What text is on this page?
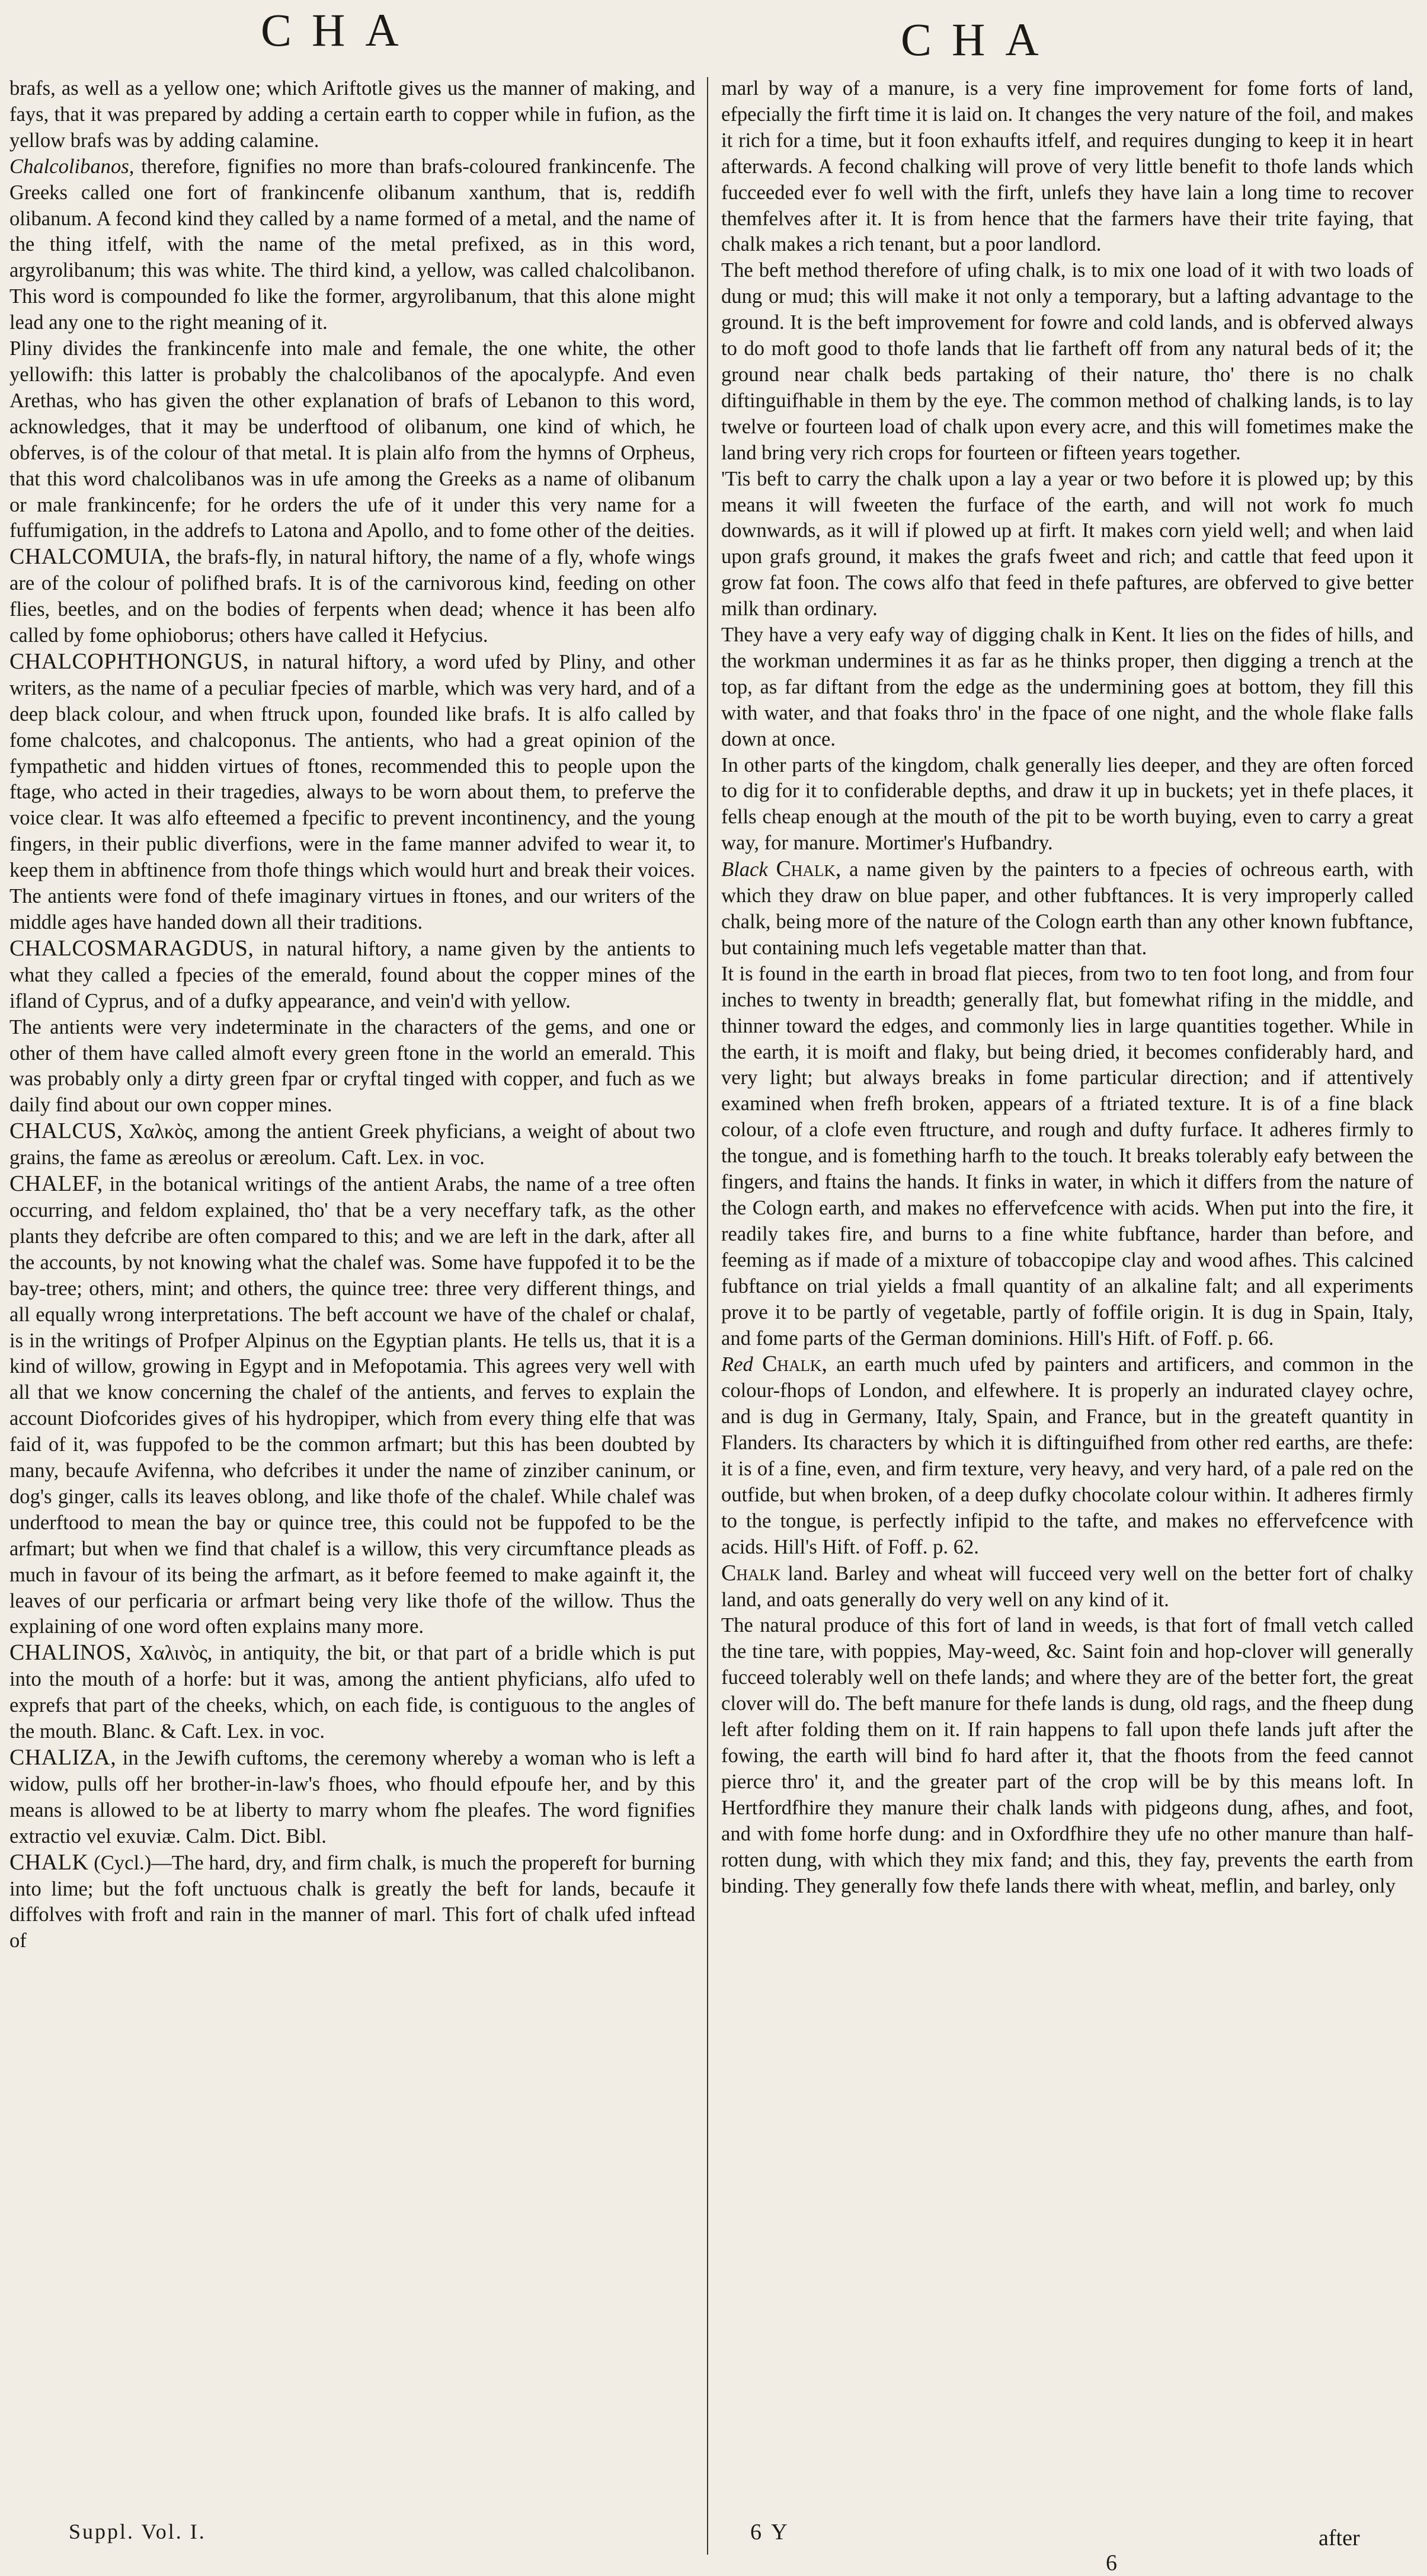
CHA	CHA

brafs, as well as a yellow one; which Ariftotle gives us the manner of making, and fays, that it was prepared by adding a certain earth to copper while in fufion, as the yellow brafs was by adding calamine.

Chalcolibanos, therefore, fignifies no more than brafs-coloured frankincenfe. The Greeks called one fort of frankincenfe olibanum xanthum, that is, reddifh olibanum. A fecond kind they called by a name formed of a metal, and the name of the thing itfelf, with the name of the metal prefixed, as in this word, argyrolibanum; this was white. The third kind, a yellow, was called chalcolibanon. This word is compounded fo like the former, argyrolibanum, that this alone might lead any one to the right meaning of it.

Pliny divides the frankincenfe into male and female, the one white, the other yellowifh: this latter is probably the chalcolibanos of the apocalypfe. And even Arethas, who has given the other explanation of brafs of Lebanon to this word, acknowledges, that it may be underftood of olibanum, one kind of which, he obferves, is of the colour of that metal. It is plain alfo from the hymns of Orpheus, that this word chalcolibanos was in ufe among the Greeks as a name of olibanum or male frankincenfe; for he orders the ufe of it under this very name for a fuffumigation, in the addrefs to Latona and Apollo, and to fome other of the deities.

CHALCOMUIA, the brafs-fly, in natural hiftory, the name of a fly, whofe wings are of the colour of polifhed brafs. It is of the carnivorous kind, feeding on other flies, beetles, and on the bodies of ferpents when dead; whence it has been alfo called by fome ophioborus; others have called it Hefycius.

CHALCOPHTHONGUS, in natural hiftory, a word ufed by Pliny, and other writers, as the name of a peculiar fpecies of marble, which was very hard, and of a deep black colour, and when ftruck upon, founded like brafs. It is alfo called by fome chalcotes, and chalcoponus. The antients, who had a great opinion of the fympathetic and hidden virtues of ftones, recommended this to people upon the ftage, who acted in their tragedies, always to be worn about them, to preferve the voice clear. It was alfo efteemed a fpecific to prevent incontinency, and the young fingers, in their public diverfions, were in the fame manner advifed to wear it, to keep them in abftinence from thofe things which would hurt and break their voices. The antients were fond of thefe imaginary virtues in ftones, and our writers of the middle ages have handed down all their traditions.

CHALCOSMARAGDUS, in natural hiftory, a name given by the antients to what they called a fpecies of the emerald, found about the copper mines of the ifland of Cyprus, and of a dufky appearance, and vein'd with yellow.

The antients were very indeterminate in the characters of the gems, and one or other of them have called almoft every green ftone in the world an emerald. This was probably only a dirty green fpar or cryftal tinged with copper, and fuch as we daily find about our own copper mines.

CHALCUS, Χαλκὸς, among the antient Greek phyficians, a weight of about two grains, the fame as æreolus or æreolum. Caft. Lex. in voc.

CHALEF, in the botanical writings of the antient Arabs, the name of a tree often occurring, and feldom explained, tho' that be a very neceffary tafk, as the other plants they defcribe are often compared to this; and we are left in the dark, after all the accounts, by not knowing what the chalef was. Some have fuppofed it to be the bay-tree; others, mint; and others, the quince tree: three very different things, and all equally wrong interpretations. The beft account we have of the chalef or chalaf, is in the writings of Profper Alpinus on the Egyptian plants. He tells us, that it is a kind of willow, growing in Egypt and in Mefopotamia. This agrees very well with all that we know concerning the chalef of the antients, and ferves to explain the account Diofcorides gives of his hydropiper, which from every thing elfe that was faid of it, was fuppofed to be the common arfmart; but this has been doubted by many, becaufe Avifenna, who defcribes it under the name of zinziber caninum, or dog's ginger, calls its leaves oblong, and like thofe of the chalef. While chalef was underftood to mean the bay or quince tree, this could not be fuppofed to be the arfmart; but when we find that chalef is a willow, this very circumftance pleads as much in favour of its being the arfmart, as it before feemed to make againft it, the leaves of our perficaria or arfmart being very like thofe of the willow. Thus the explaining of one word often explains many more.

CHALINOS, Χαλινὸς, in antiquity, the bit, or that part of a bridle which is put into the mouth of a horfe: but it was, among the antient phyficians, alfo ufed to exprefs that part of the cheeks, which, on each fide, is contiguous to the angles of the mouth. Blanc. & Caft. Lex. in voc.

CHALIZA, in the Jewifh cuftoms, the ceremony whereby a woman who is left a widow, pulls off her brother-in-law's fhoes, who fhould efpoufe her, and by this means is allowed to be at liberty to marry whom fhe pleafes. The word fignifies extractio vel exuviæ. Calm. Dict. Bibl.

CHALK (Cycl.)—The hard, dry, and firm chalk, is much the propereft for burning into lime; but the foft unctuous chalk is greatly the beft for lands, becaufe it diffolves with froft and rain in the manner of marl. This fort of chalk ufed inftead of

marl by way of a manure, is a very fine improvement for fome forts of land, efpecially the firft time it is laid on. It changes the very nature of the foil, and makes it rich for a time, but it foon exhaufts itfelf, and requires dunging to keep it in heart afterwards. A fecond chalking will prove of very little benefit to thofe lands which fucceeded ever fo well with the firft, unlefs they have lain a long time to recover themfelves after it. It is from hence that the farmers have their trite faying, that chalk makes a rich tenant, but a poor landlord.

The beft method therefore of ufing chalk, is to mix one load of it with two loads of dung or mud; this will make it not only a temporary, but a lafting advantage to the ground. It is the beft improvement for fowre and cold lands, and is obferved always to do moft good to thofe lands that lie fartheft off from any natural beds of it; the ground near chalk beds partaking of their nature, tho' there is no chalk diftinguifhable in them by the eye. The common method of chalking lands, is to lay twelve or fourteen load of chalk upon every acre, and this will fometimes make the land bring very rich crops for fourteen or fifteen years together.

'Tis beft to carry the chalk upon a lay a year or two before it is plowed up; by this means it will fweeten the furface of the earth, and will not work fo much downwards, as it will if plowed up at firft. It makes corn yield well; and when laid upon grafs ground, it makes the grafs fweet and rich; and cattle that feed upon it grow fat foon. The cows alfo that feed in thefe paftures, are obferved to give better milk than ordinary.

They have a very eafy way of digging chalk in Kent. It lies on the fides of hills, and the workman undermines it as far as he thinks proper, then digging a trench at the top, as far diftant from the edge as the undermining goes at bottom, they fill this with water, and that foaks thro' in the fpace of one night, and the whole flake falls down at once.

In other parts of the kingdom, chalk generally lies deeper, and they are often forced to dig for it to confiderable depths, and draw it up in buckets; yet in thefe places, it fells cheap enough at the mouth of the pit to be worth buying, even to carry a great way, for manure. Mortimer's Hufbandry.

Black Chalk, a name given by the painters to a fpecies of ochreous earth, with which they draw on blue paper, and other fubftances. It is very improperly called chalk, being more of the nature of the Cologn earth than any other known fubftance, but containing much lefs vegetable matter than that.

It is found in the earth in broad flat pieces, from two to ten foot long, and from four inches to twenty in breadth; generally flat, but fomewhat rifing in the middle, and thinner toward the edges, and commonly lies in large quantities together. While in the earth, it is moift and flaky, but being dried, it becomes confiderably hard, and very light; but always breaks in fome particular direction; and if attentively examined when frefh broken, appears of a ftriated texture. It is of a fine black colour, of a clofe even ftructure, and rough and dufty furface. It adheres firmly to the tongue, and is fomething harfh to the touch. It breaks tolerably eafy between the fingers, and ftains the hands. It finks in water, in which it differs from the nature of the Cologn earth, and makes no effervefcence with acids. When put into the fire, it readily takes fire, and burns to a fine white fubftance, harder than before, and feeming as if made of a mixture of tobaccopipe clay and wood afhes. This calcined fubftance on trial yields a fmall quantity of an alkaline falt; and all experiments prove it to be partly of vegetable, partly of foffile origin. It is dug in Spain, Italy, and fome parts of the German dominions. Hill's Hift. of Foff. p. 66.

Red Chalk, an earth much ufed by painters and artificers, and common in the colour-fhops of London, and elfewhere. It is properly an indurated clayey ochre, and is dug in Germany, Italy, Spain, and France, but in the greateft quantity in Flanders. Its characters by which it is diftinguifhed from other red earths, are thefe: it is of a fine, even, and firm texture, very heavy, and very hard, of a pale red on the outfide, but when broken, of a deep dufky chocolate colour within. It adheres firmly to the tongue, is perfectly infipid to the tafte, and makes no effervefcence with acids. Hill's Hift. of Foff. p. 62.

Chalk land. Barley and wheat will fucceed very well on the better fort of chalky land, and oats generally do very well on any kind of it.

The natural produce of this fort of land in weeds, is that fort of fmall vetch called the tine tare, with poppies, May-weed, &c. Saint foin and hop-clover will generally fucceed tolerably well on thefe lands; and where they are of the better fort, the great clover will do. The beft manure for thefe lands is dung, old rags, and the fheep dung left after folding them on it. If rain happens to fall upon thefe lands juft after the fowing, the earth will bind fo hard after it, that the fhoots from the feed cannot pierce thro' it, and the greater part of the crop will be by this means loft. In Hertfordfhire they manure their chalk lands with pidgeons dung, afhes, and foot, and with fome horfe dung: and in Oxfordfhire they ufe no other manure than half-rotten dung, with which they mix fand; and this, they fay, prevents the earth from binding. They generally fow thefe lands there with wheat, meflin, and barley, only

Suppl. Vol. I.	6 Y	after
6
